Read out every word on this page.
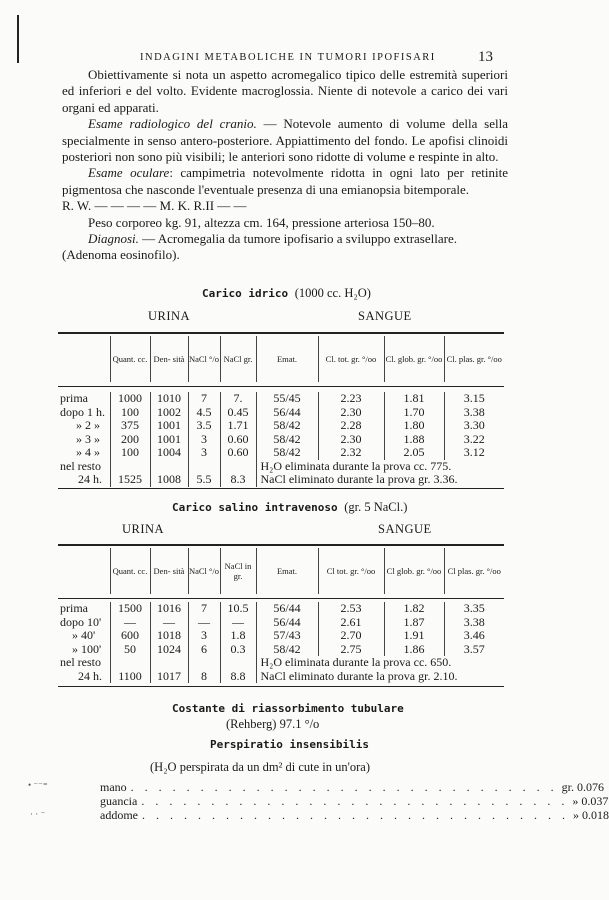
INDAGINI METABOLICHE IN TUMORI IPOFISARI	13

Obiettivamente si nota un aspetto acromegalico tipico delle estremità superiori ed inferiori e del volto. Evidente macroglossia. Niente di notevole a carico dei vari organi ed apparati.

Esame radiologico del cranio. — Notevole aumento di volume della sella specialmente in senso antero-posteriore. Appiattimento del fondo. Le apofisi clinoidi posteriori non sono più visibili; le anteriori sono ridotte di volume e respinte in alto.

Esame oculare: campimetria notevolmente ridotta in ogni lato per retinite pigmentosa che nasconde l'eventuale presenza di una emianopsia bitemporale.

R. W. — — — — M. K. R.II — —

Peso corporeo kg. 91, altezza cm. 164, pressione arteriosa 150–80.

Diagnosi. — Acromegalia da tumore ipofisario a sviluppo extrasellare.

(Adenoma eosinofilo).

Carico idrico (1000 cc. H₂O)
URINA	SANGUE
	Quant. cc.	Den- sità	NaCl °/o	NaCl gr.	Emat.	Cl. tot. gr. °/oo	Cl. glob. gr. °/oo	Cl. plas. gr. °/oo
prima	1000	1010	7	7.	55/45	2.23	1.81	3.15
dopo 1 h.	100	1002	4.5	0.45	56/44	2.30	1.70	3.38
» 2 »	375	1001	3.5	1.71	58/42	2.28	1.80	3.30
» 3 »	200	1001	3	0.60	58/42	2.30	1.88	3.22
» 4 »	100	1004	3	0.60	58/42	2.32	2.05	3.12
nel resto					H₂O eliminata durante la prova cc. 775.			
24 h.	1525	1008	5.5	8.3	NaCl eliminato durante la prova gr. 3.36.			
Carico salino intravenoso (gr. 5 NaCl.)
URINA	SANGUE
	Quant. cc.	Den- sità	NaCl °/o	NaCl in gr.	Emat.	Cl tot. gr. °/oo	Cl glob. gr. °/oo	Cl plas. gr. °/oo
prima	1500	1016	7	10.5	56/44	2.53	1.82	3.35
dopo 10'	—	—	—	—	56/44	2.61	1.87	3.38
» 40'	600	1018	3	1.8	57/43	2.70	1.91	3.46
» 100'	50	1024	6	0.3	58/42	2.75	1.86	3.57
nel resto					H₂O eliminata durante la prova cc. 650.			
24 h.	1100	1017	8	8.8	NaCl eliminato durante la prova gr. 2.10.			
Costante di riassorbimento tubulare
(Rehberg) 97.1 °/o
Perspiratio insensibilis
(H₂O perspirata da un dm² di cute in un'ora)
• ⁻⁻⁼
· · ⁻
mano . . . . . . . . . . . . . . . . . . . . . . . . . . . . . . . gr. 0.076
guancia . . . . . . . . . . . . . . . . . . . . . . . . . . . . . . . » 0.037
addome . . . . . . . . . . . . . . . . . . . . . . . . . . . . . . . » 0.018
